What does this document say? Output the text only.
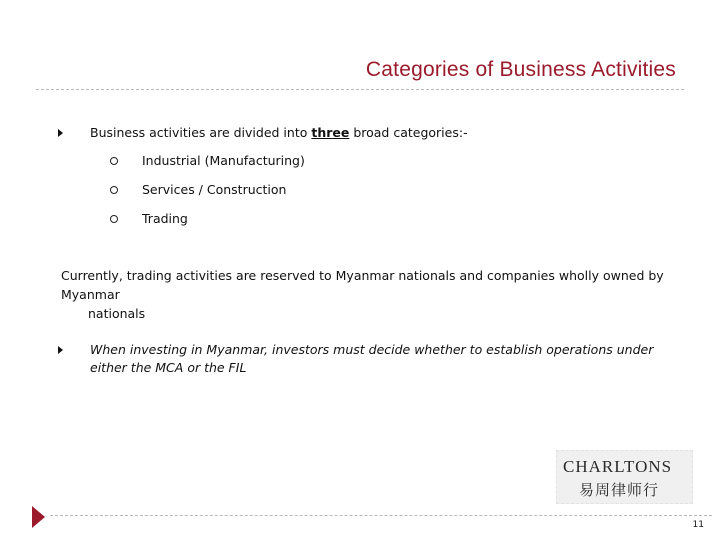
Categories of Business Activities
Business activities are divided into three broad categories:-
Industrial (Manufacturing)
Services / Construction
Trading
Currently, trading activities are reserved to Myanmar nationals and companies wholly owned by Myanmar
nationals
When investing in Myanmar, investors must decide whether to establish operations under either the MCA or the FIL
CHARLTONS
易周律师行
11
